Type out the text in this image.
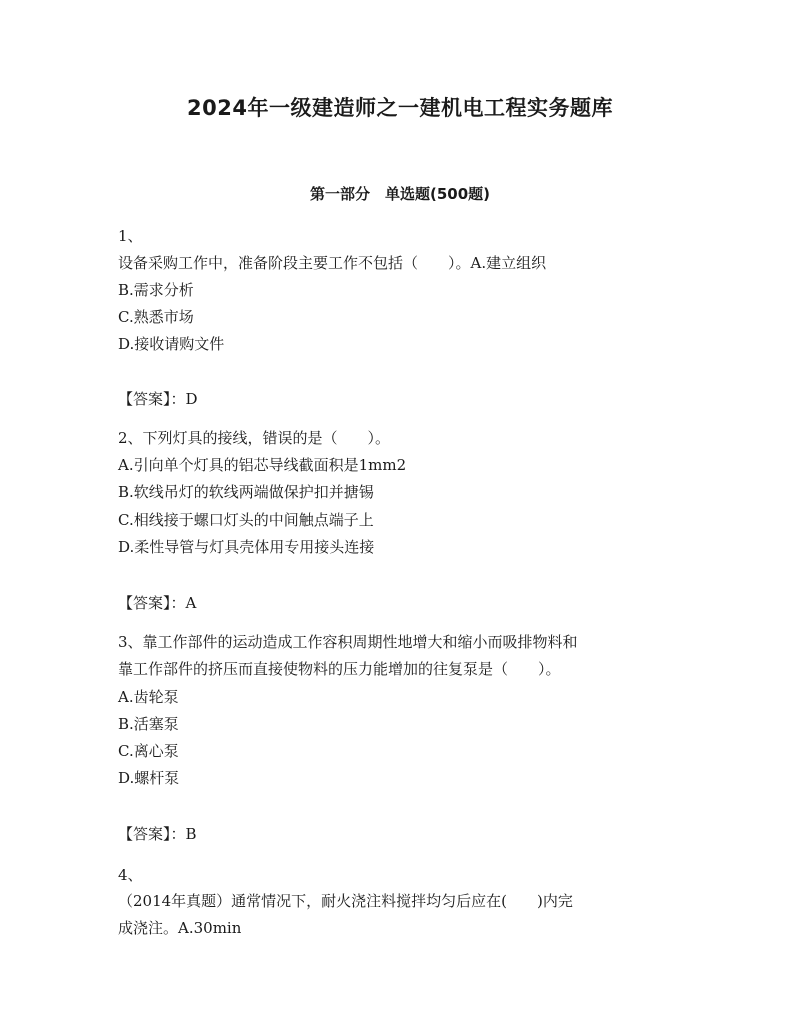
2024年一级建造师之一建机电工程实务题库
第一部分　单选题(500题)
1、
设备采购工作中，准备阶段主要工作不包括（　　）。A.建立组织
B.需求分析
C.熟悉市场
D.接收请购文件
【答案】：D
2、下列灯具的接线，错误的是（　　）。
A.引向单个灯具的铝芯导线截面积是1mm2
B.软线吊灯的软线两端做保护扣并搪锡
C.相线接于螺口灯头的中间触点端子上
D.柔性导管与灯具壳体用专用接头连接
【答案】：A
3、靠工作部件的运动造成工作容积周期性地增大和缩小而吸排物料和
靠工作部件的挤压而直接使物料的压力能增加的往复泵是（　　）。
A.齿轮泵
B.活塞泵
C.离心泵
D.螺杆泵
【答案】：B
4、
（2014年真题）通常情况下，耐火浇注料搅拌均匀后应在(　　)内完
成浇注。A.30min
